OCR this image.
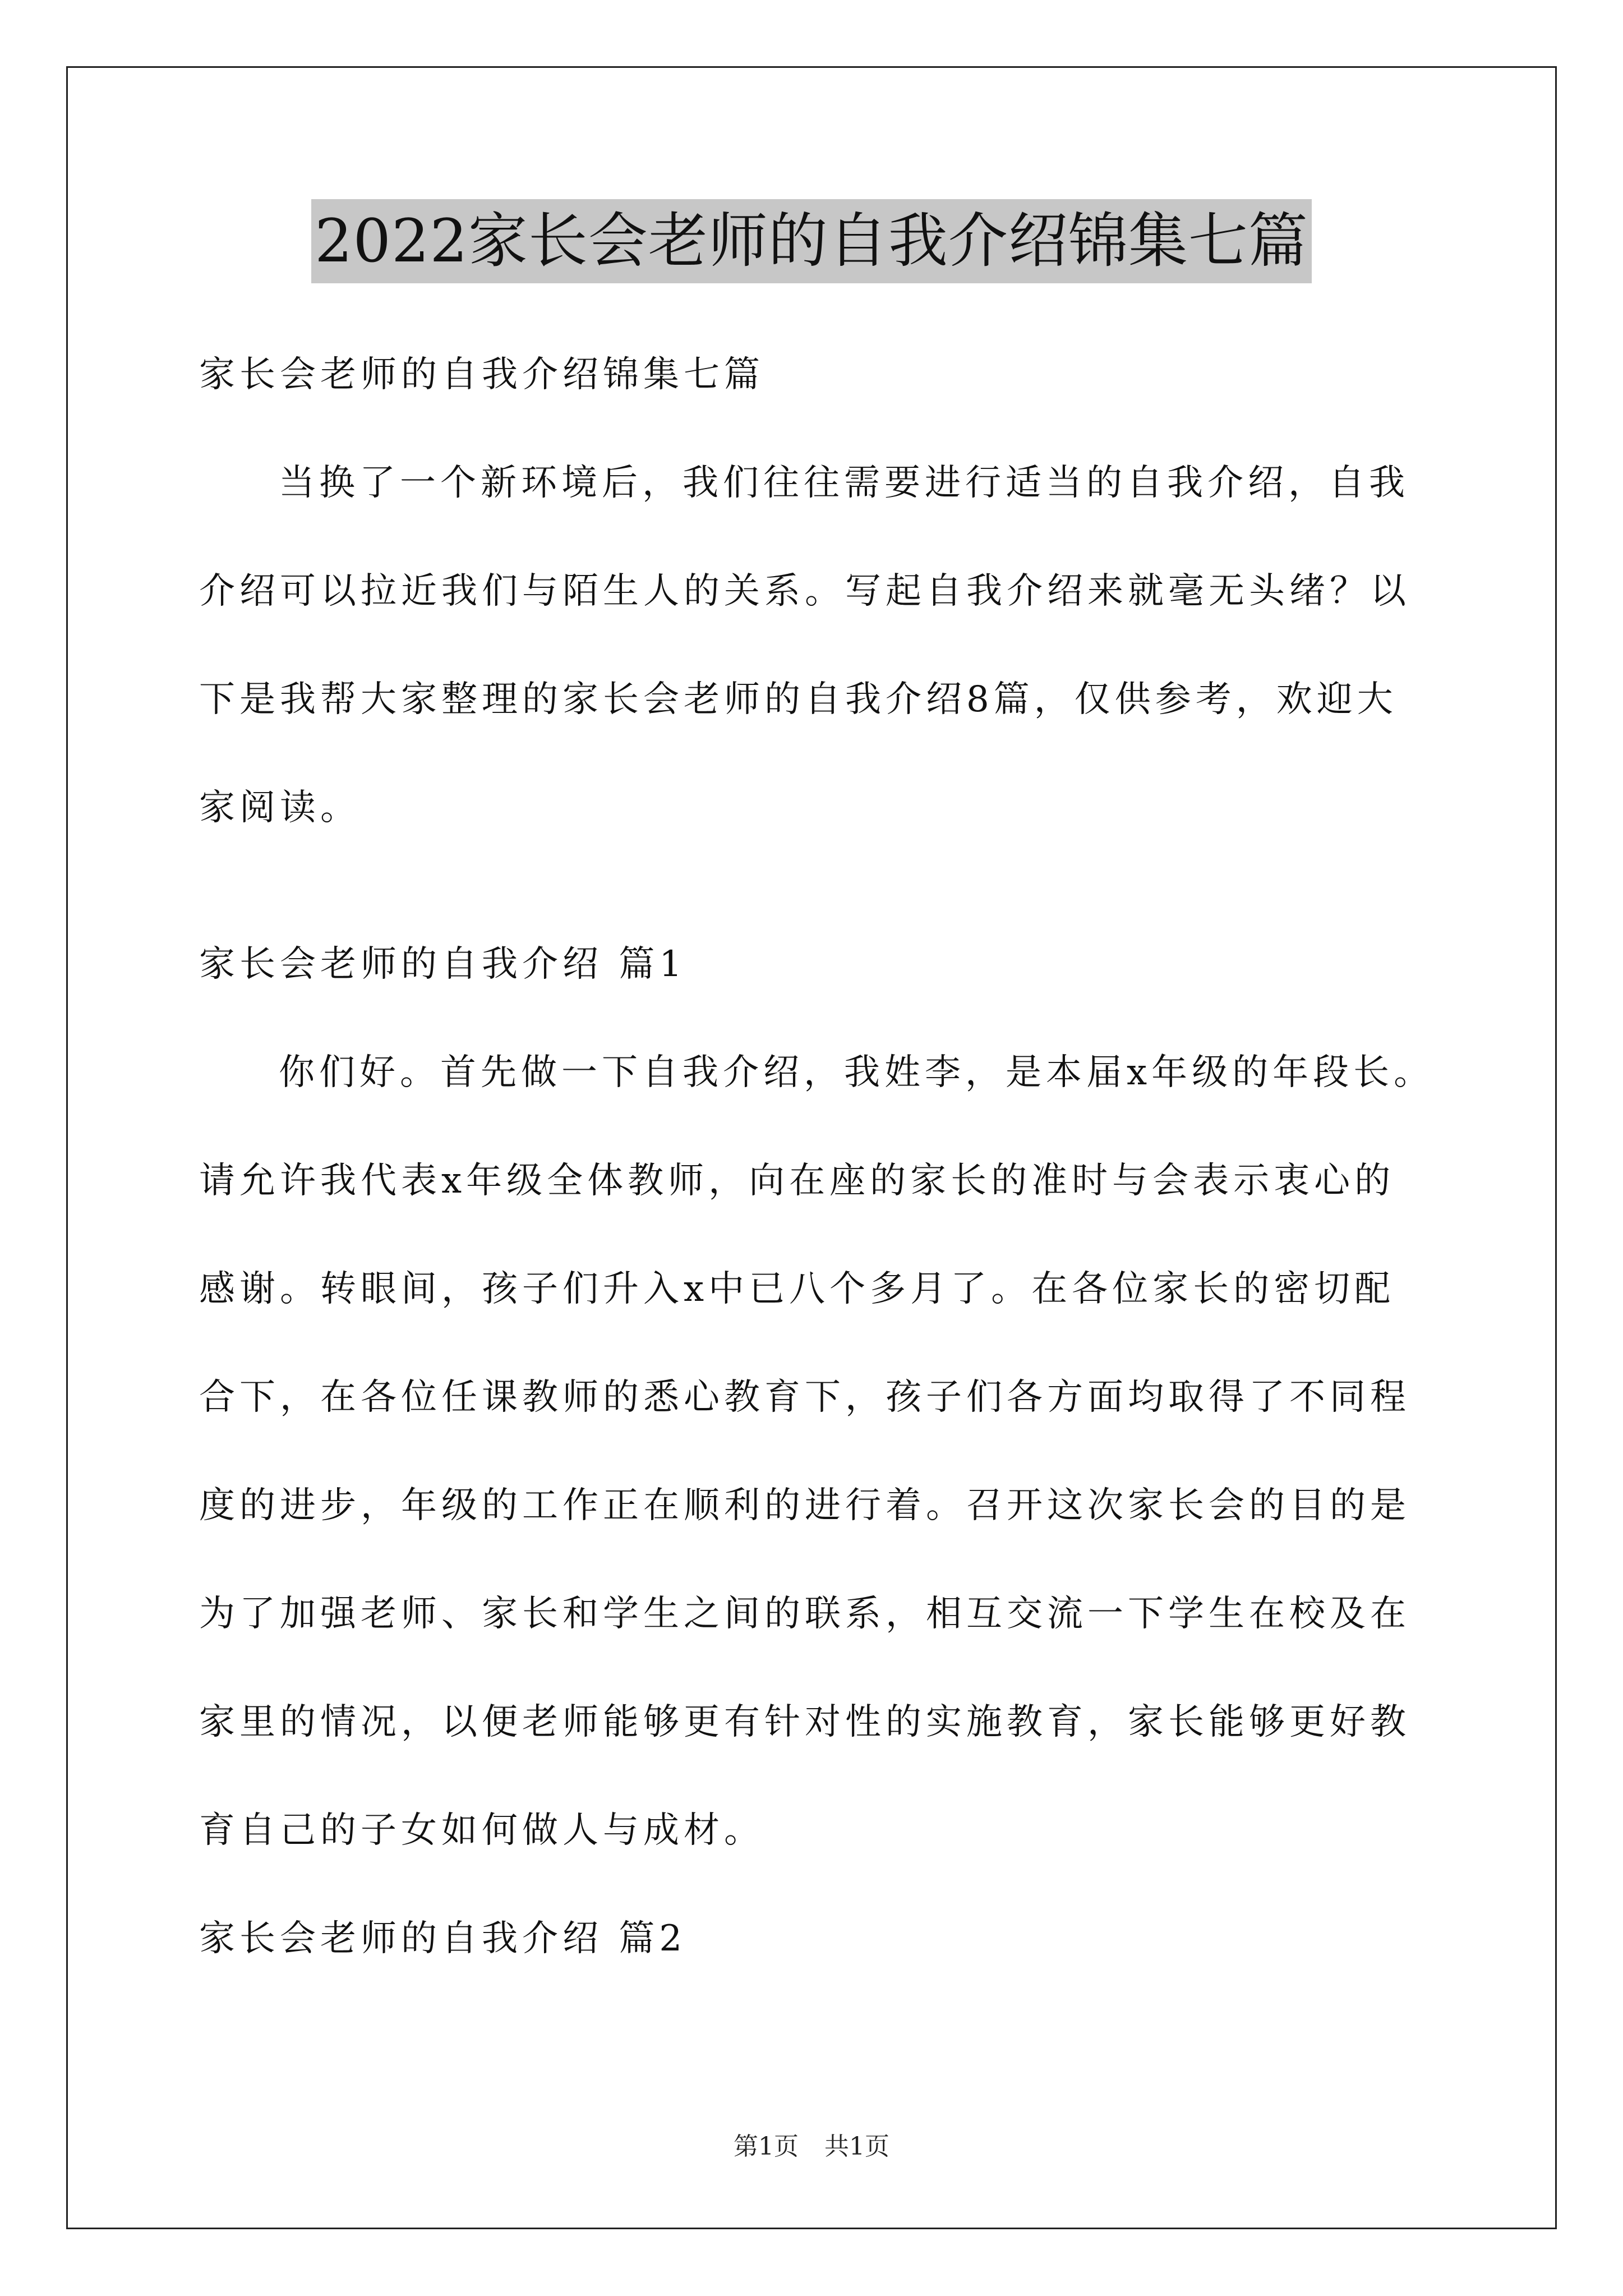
2022家长会老师的自我介绍锦集七篇
家长会老师的自我介绍锦集七篇
当换了一个新环境后，我们往往需要进行适当的自我介绍，自我
介绍可以拉近我们与陌生人的关系。写起自我介绍来就毫无头绪？以
下是我帮大家整理的家长会老师的自我介绍8篇，仅供参考，欢迎大
家阅读。
家长会老师的自我介绍 篇1
你们好。首先做一下自我介绍，我姓李，是本届x年级的年段长。
请允许我代表x年级全体教师，向在座的家长的准时与会表示衷心的
感谢。转眼间，孩子们升入x中已八个多月了。在各位家长的密切配
合下，在各位任课教师的悉心教育下，孩子们各方面均取得了不同程
度的进步，年级的工作正在顺利的进行着。召开这次家长会的目的是
为了加强老师、家长和学生之间的联系，相互交流一下学生在校及在
家里的情况，以便老师能够更有针对性的实施教育，家长能够更好教
育自己的子女如何做人与成材。
家长会老师的自我介绍 篇2
第1页 共1页
